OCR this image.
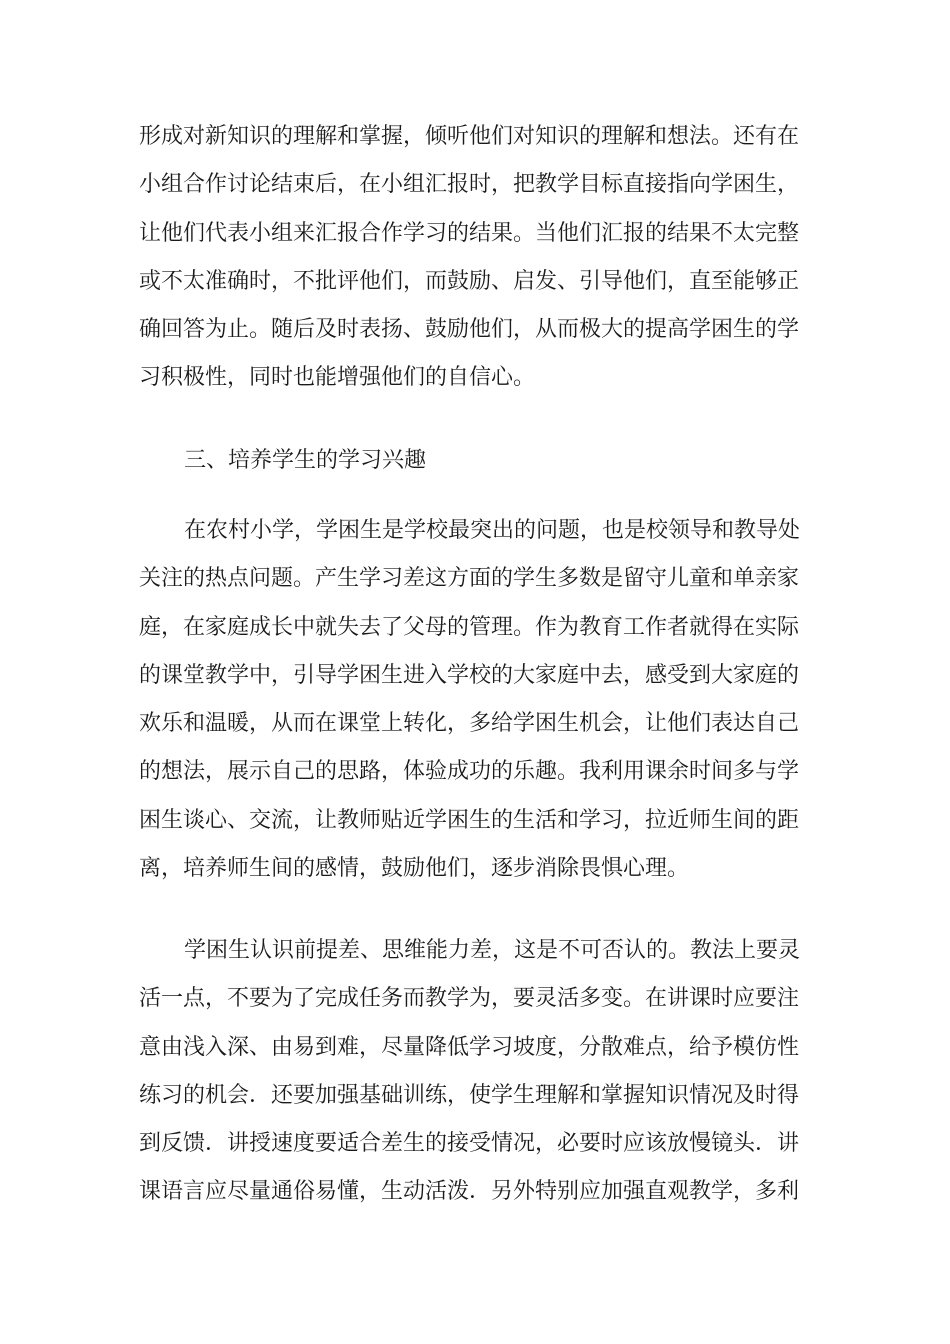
形成对新知识的理解和掌握，倾听他们对知识的理解和想法。还有在
小组合作讨论结束后，在小组汇报时，把教学目标直接指向学困生，
让他们代表小组来汇报合作学习的结果。当他们汇报的结果不太完整
或不太准确时，不批评他们，而鼓励、启发、引导他们，直至能够正
确回答为止。随后及时表扬、鼓励他们，从而极大的提高学困生的学
习积极性，同时也能增强他们的自信心。
三、培养学生的学习兴趣
在农村小学，学困生是学校最突出的问题，也是校领导和教导处
关注的热点问题。产生学习差这方面的学生多数是留守儿童和单亲家
庭，在家庭成长中就失去了父母的管理。作为教育工作者就得在实际
的课堂教学中，引导学困生进入学校的大家庭中去，感受到大家庭的
欢乐和温暖，从而在课堂上转化，多给学困生机会，让他们表达自己
的想法，展示自己的思路，体验成功的乐趣。我利用课余时间多与学
困生谈心、交流，让教师贴近学困生的生活和学习，拉近师生间的距
离，培养师生间的感情，鼓励他们，逐步消除畏惧心理。
学困生认识前提差、思维能力差，这是不可否认的。教法上要灵
活一点，不要为了完成任务而教学为，要灵活多变。在讲课时应要注
意由浅入深、由易到难，尽量降低学习坡度，分散难点，给予模仿性
练习的机会．还要加强基础训练，使学生理解和掌握知识情况及时得
到反馈．讲授速度要适合差生的接受情况，必要时应该放慢镜头．讲
课语言应尽量通俗易懂，生动活泼．另外特别应加强直观教学，多利
